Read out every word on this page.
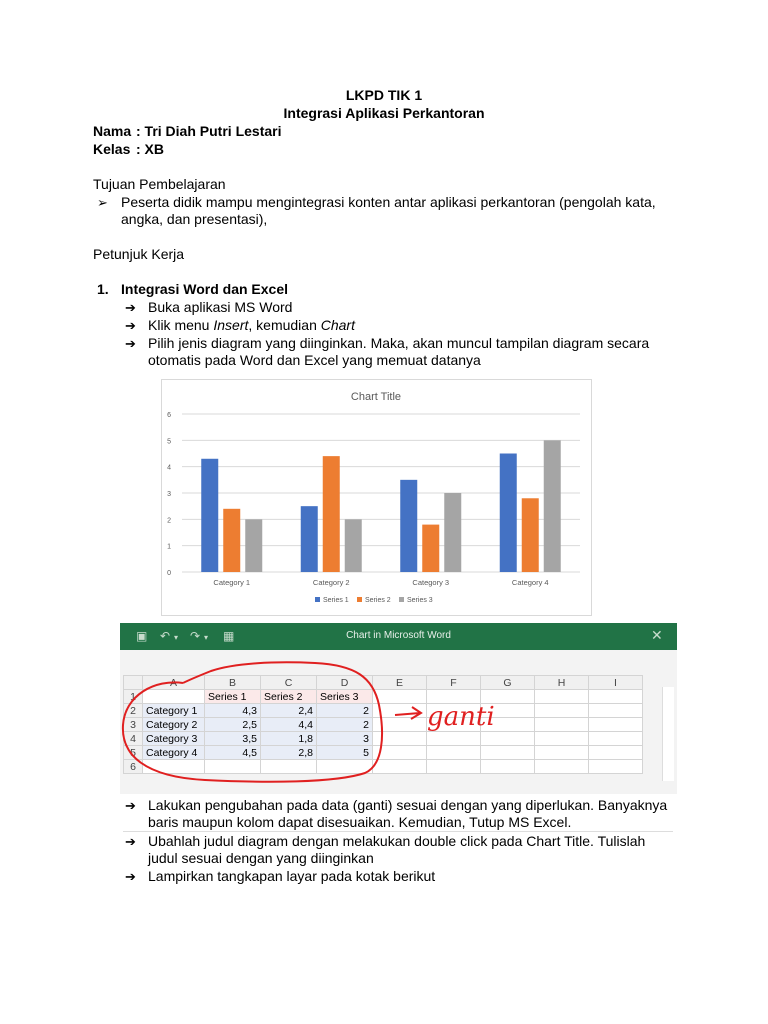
LKPD TIK 1
Integrasi Aplikasi Perkantoran
Nama : Tri Diah Putri Lestari
Kelas : XB
Tujuan Pembelajaran
➢ Peserta didik mampu mengintegrasi konten antar aplikasi perkantoran (pengolah kata,
angka, dan presentasi),
Petunjuk Kerja
1. Integrasi Word dan Excel
➔ Buka aplikasi MS Word
➔ Klik menu Insert, kemudian Chart
➔ Pilih jenis diagram yang diinginkan. Maka, akan muncul tampilan diagram secara
otomatis pada Word dan Excel yang memuat datanya
Chart Title
0
1
2
3
4
5
6
Category 1	Category 2	Category 3	Category 4
Series 1 Series 2 Series 3
▣ ↶ ▾ ↷ ▾ ▦	Chart in Microsoft Word	✕
	A	B	C	D	E	F	G	H	I
1		Series 1	Series 2	Series 3					
2	Category 1	4,3	2,4	2					
3	Category 2	2,5	4,4	2					
4	Category 3	3,5	1,8	3					
5	Category 4	4,5	2,8	5					
6									
ganti
➔ Lakukan pengubahan pada data (ganti) sesuai dengan yang diperlukan. Banyaknya
baris maupun kolom dapat disesuaikan. Kemudian, Tutup MS Excel.
➔ Ubahlah judul diagram dengan melakukan double click pada Chart Title. Tulislah
judul sesuai dengan yang diinginkan
➔ Lampirkan tangkapan layar pada kotak berikut
